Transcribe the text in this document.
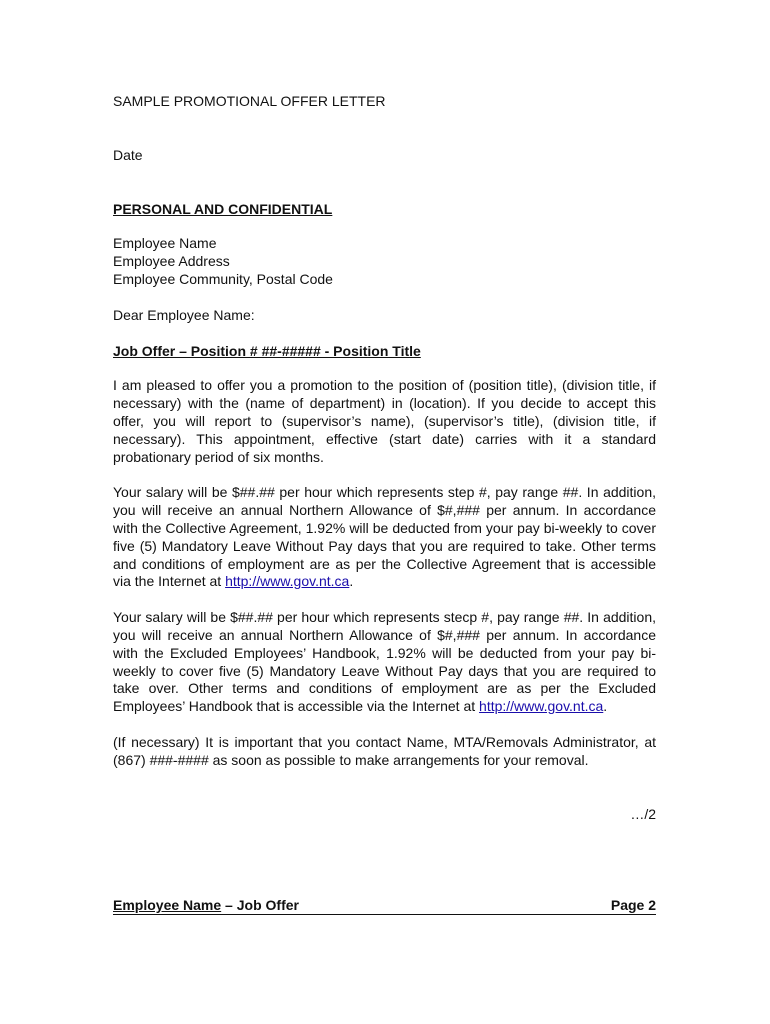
SAMPLE PROMOTIONAL OFFER LETTER
Date
PERSONAL AND CONFIDENTIAL
Employee Name
Employee Address
Employee Community, Postal Code
Dear Employee Name:
Job Offer – Position # ##-##### - Position Title

I am pleased to offer you a promotion to the position of (position title), (division title, if necessary) with the (name of department) in (location). If you decide to accept this offer, you will report to (supervisor’s name), (supervisor’s title), (division title, if necessary). This appointment, effective (start date) carries with it a standard probationary period of six months.

Your salary will be $##.## per hour which represents step #, pay range ##. In addition, you will receive an annual Northern Allowance of $#,### per annum. In accordance with the Collective Agreement, 1.92% will be deducted from your pay bi-weekly to cover five (5) Mandatory Leave Without Pay days that you are required to take. Other terms and conditions of employment are as per the Collective Agreement that is accessible via the Internet at http://www.gov.nt.ca.

Your salary will be $##.## per hour which represents stecp #, pay range ##. In addition, you will receive an annual Northern Allowance of $#,### per annum. In accordance with the Excluded Employees’ Handbook, 1.92% will be deducted from your pay bi-weekly to cover five (5) Mandatory Leave Without Pay days that you are required to take over. Other terms and conditions of employment are as per the Excluded Employees’ Handbook that is accessible via the Internet at http://www.gov.nt.ca.

(If necessary) It is important that you contact Name, MTA/Removals Administrator, at (867) ###-#### as soon as possible to make arrangements for your removal.

…/2
Employee Name – Job Offer	Page 2
